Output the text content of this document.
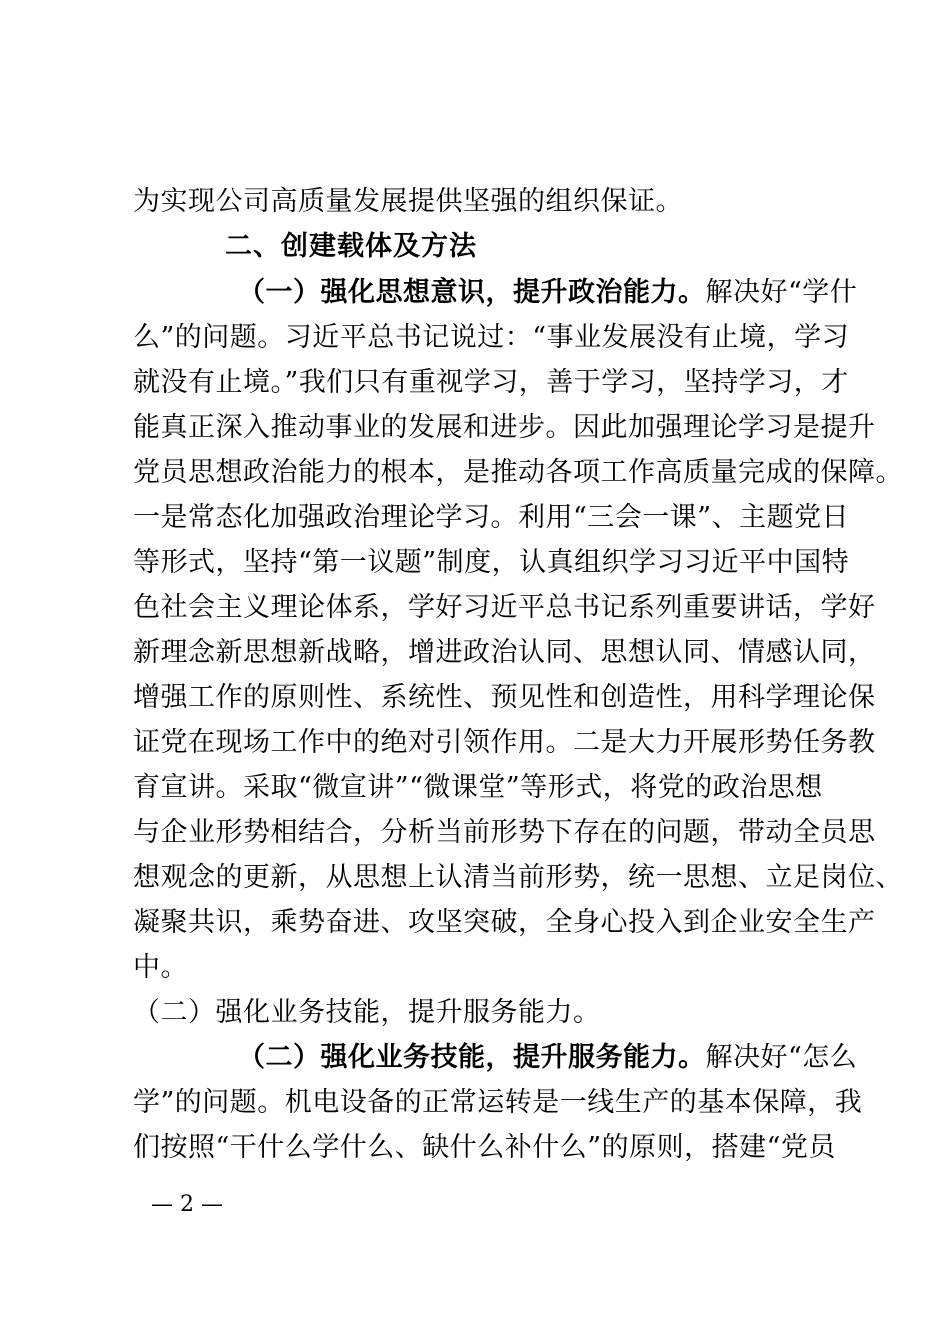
为实现公司高质量发展提供坚强的组织保证。
二、创建载体及方法
（一）强化思想意识，提升政治能力。解决好“学什
么”的问题。习近平总书记说过：“事业发展没有止境，学习
就没有止境。”我们只有重视学习，善于学习，坚持学习，才
能真正深入推动事业的发展和进步。因此加强理论学习是提升
党员思想政治能力的根本，是推动各项工作高质量完成的保障。
一是常态化加强政治理论学习。利用“三会一课”、主题党日
等形式，坚持“第一议题”制度，认真组织学习习近平中国特
色社会主义理论体系，学好习近平总书记系列重要讲话，学好
新理念新思想新战略，增进政治认同、思想认同、情感认同，
增强工作的原则性、系统性、预见性和创造性，用科学理论保
证党在现场工作中的绝对引领作用。二是大力开展形势任务教
育宣讲。采取“微宣讲”“微课堂”等形式，将党的政治思想
与企业形势相结合，分析当前形势下存在的问题，带动全员思
想观念的更新，从思想上认清当前形势，统一思想、立足岗位、
凝聚共识，乘势奋进、攻坚突破，全身心投入到企业安全生产
中。
（二）强化业务技能，提升服务能力。
（二）强化业务技能，提升服务能力。解决好“怎么
学”的问题。机电设备的正常运转是一线生产的基本保障，我
们按照“干什么学什么、缺什么补什么”的原则，搭建“党员
— 2 —
